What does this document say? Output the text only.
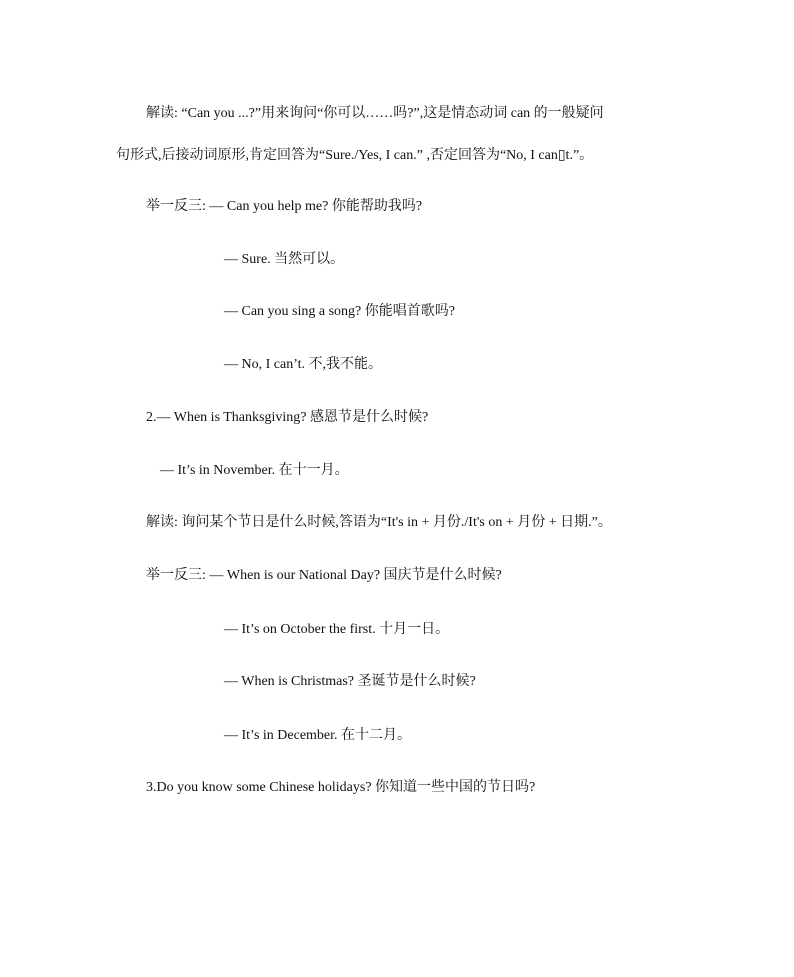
解读: “Can you ...?”用来询问“你可以……吗?”,这是情态动词 can 的一般疑问
句形式,后接动词原形,肯定回答为“Sure./Yes, I can.” ,否定回答为“No, I can▯t.”。
举一反三: — Can you help me? 你能帮助我吗?
— Sure. 当然可以。
— Can you sing a song? 你能唱首歌吗?
— No, I can’t. 不,我不能。
2.— When is Thanksgiving? 感恩节是什么时候?
— It’s in November. 在十一月。
解读: 询问某个节日是什么时候,答语为“It's in + 月份./It's on + 月份 + 日期.”。
举一反三: — When is our National Day? 国庆节是什么时候?
— It’s on October the first. 十月一日。
— When is Christmas? 圣诞节是什么时候?
— It’s in December. 在十二月。
3.Do you know some Chinese holidays? 你知道一些中国的节日吗?
